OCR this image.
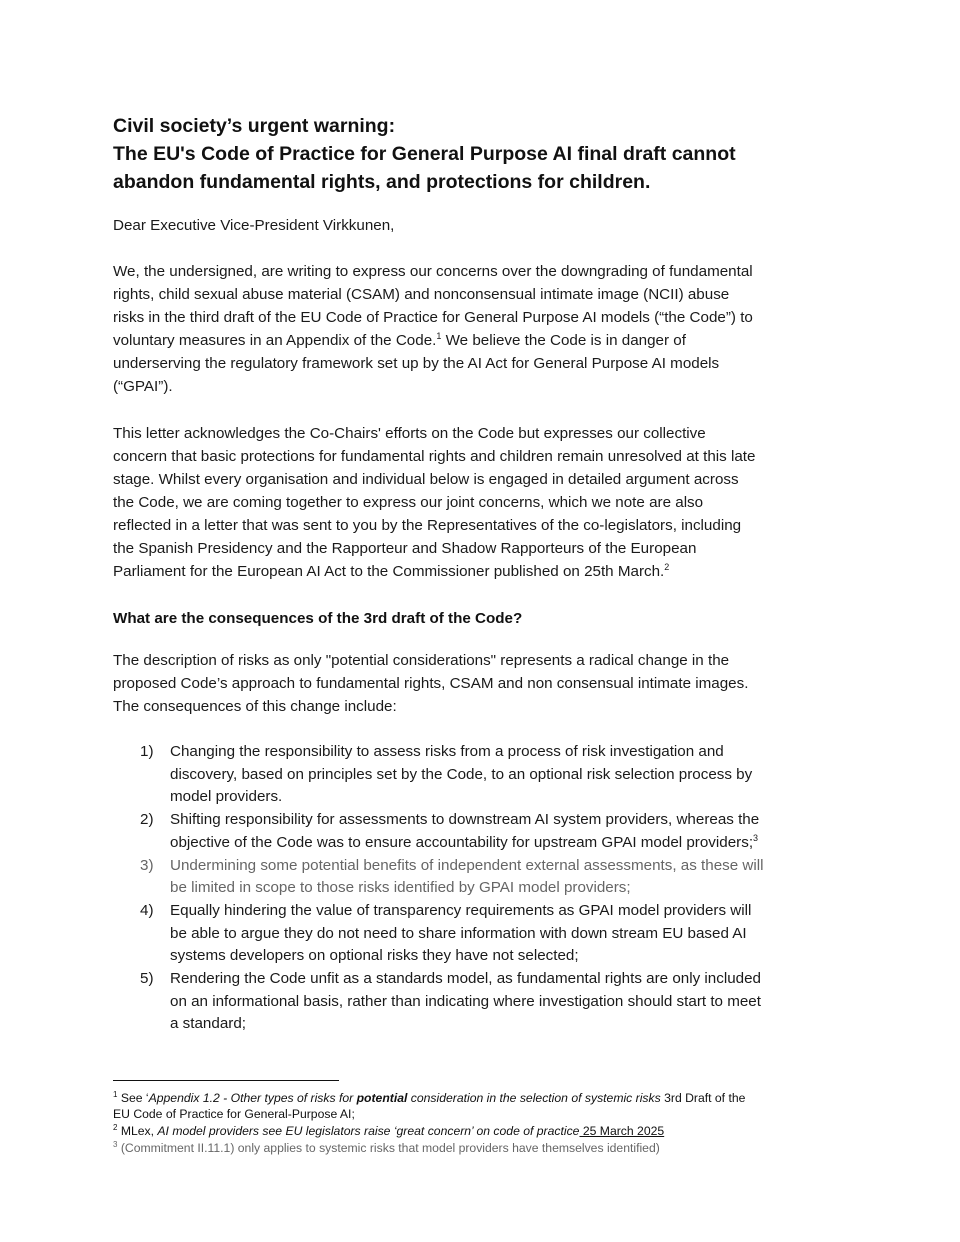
Civil society’s urgent warning:
The EU's Code of Practice for General Purpose AI final draft cannot
abandon fundamental rights, and protections for children.

Dear Executive Vice-President Virkkunen,

We, the undersigned, are writing to express our concerns over the downgrading of fundamental
rights, child sexual abuse material (CSAM) and nonconsensual intimate image (NCII) abuse
risks in the third draft of the EU Code of Practice for General Purpose AI models (“the Code”) to
voluntary measures in an Appendix of the Code.$^1$ We believe the Code is in danger of
underserving the regulatory framework set up by the AI Act for General Purpose AI models
(“GPAI”).

This letter acknowledges the Co-Chairs' efforts on the Code but expresses our collective
concern that basic protections for fundamental rights and children remain unresolved at this late
stage. Whilst every organisation and individual below is engaged in detailed argument across
the Code, we are coming together to express our joint concerns, which we note are also
reflected in a letter that was sent to you by the Representatives of the co-legislators, including
the Spanish Presidency and the Rapporteur and Shadow Rapporteurs of the European
Parliament for the European AI Act to the Commissioner published on 25th March.$^2$

What are the consequences of the 3rd draft of the Code?

The description of risks as only "potential considerations" represents a radical change in the
proposed Code’s approach to fundamental rights, CSAM and non consensual intimate images.
The consequences of this change include:

1) Changing the responsibility to assess risks from a process of risk investigation and
discovery, based on principles set by the Code, to an optional risk selection process by
model providers.
2) Shifting responsibility for assessments to downstream AI system providers, whereas the
objective of the Code was to ensure accountability for upstream GPAI model providers;$^3$
3) Undermining some potential benefits of independent external assessments, as these will
be limited in scope to those risks identified by GPAI model providers;
4) Equally hindering the value of transparency requirements as GPAI model providers will
be able to argue they do not need to share information with down stream EU based AI
systems developers on optional risks they have not selected;
5) Rendering the Code unfit as a standards model, as fundamental rights are only included
on an informational basis, rather than indicating where investigation should start to meet
a standard;
$^1$ See ‘Appendix 1.2 - Other types of risks for potential consideration in the selection of systemic risks 3rd Draft of the
EU Code of Practice for General-Purpose AI;
$^2$ MLex, AI model providers see EU legislators raise ‘great concern’ on code of practice 25 March 2025
$^3$ (Commitment II.11.1) only applies to systemic risks that model providers have themselves identified)
